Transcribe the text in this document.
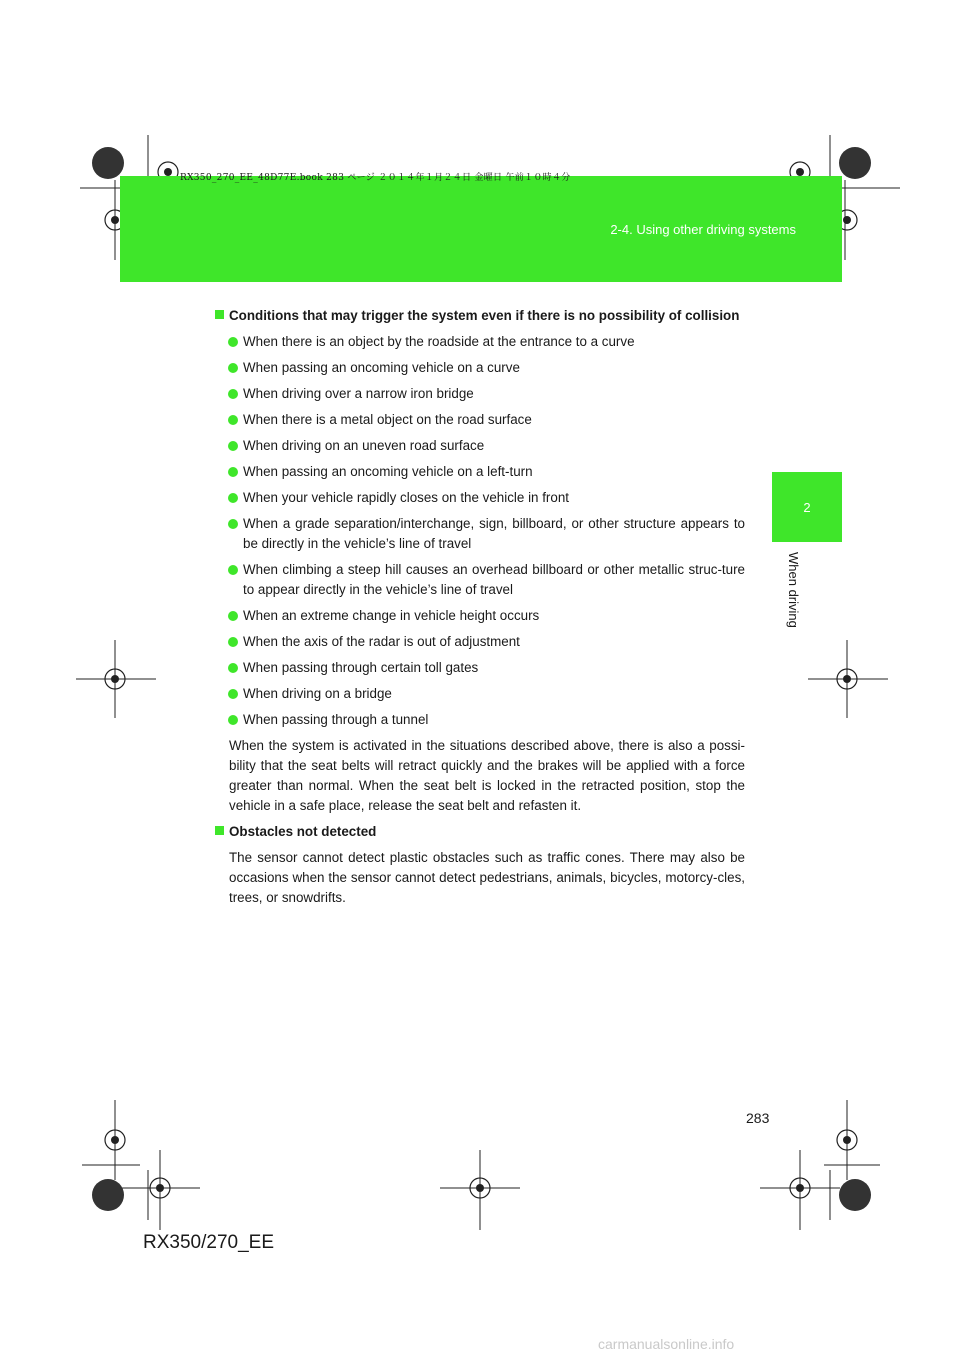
RX350_270_EE_48D77E.book 283 ページ ２０１４年１月２４日 金曜日 午前１０時４分
2-4. Using other driving systems
2
When driving
Conditions that may trigger the system even if there is no possibility of collision
When there is an object by the roadside at the entrance to a curve
When passing an oncoming vehicle on a curve
When driving over a narrow iron bridge
When there is a metal object on the road surface
When driving on an uneven road surface
When passing an oncoming vehicle on a left-turn
When your vehicle rapidly closes on the vehicle in front
When a grade separation/interchange, sign, billboard, or other structure appears to be directly in the vehicle’s line of travel
When climbing a steep hill causes an overhead billboard or other metallic struc-ture to appear directly in the vehicle’s line of travel
When an extreme change in vehicle height occurs
When the axis of the radar is out of adjustment
When passing through certain toll gates
When driving on a bridge
When passing through a tunnel

When the system is activated in the situations described above, there is also a possi-bility that the seat belts will retract quickly and the brakes will be applied with a force greater than normal. When the seat belt is locked in the retracted position, stop the vehicle in a safe place, release the seat belt and refasten it.

Obstacles not detected

The sensor cannot detect plastic obstacles such as traffic cones. There may also be occasions when the sensor cannot detect pedestrians, animals, bicycles, motorcy-cles, trees, or snowdrifts.

283
RX350/270_EE
carmanualsonline.info
